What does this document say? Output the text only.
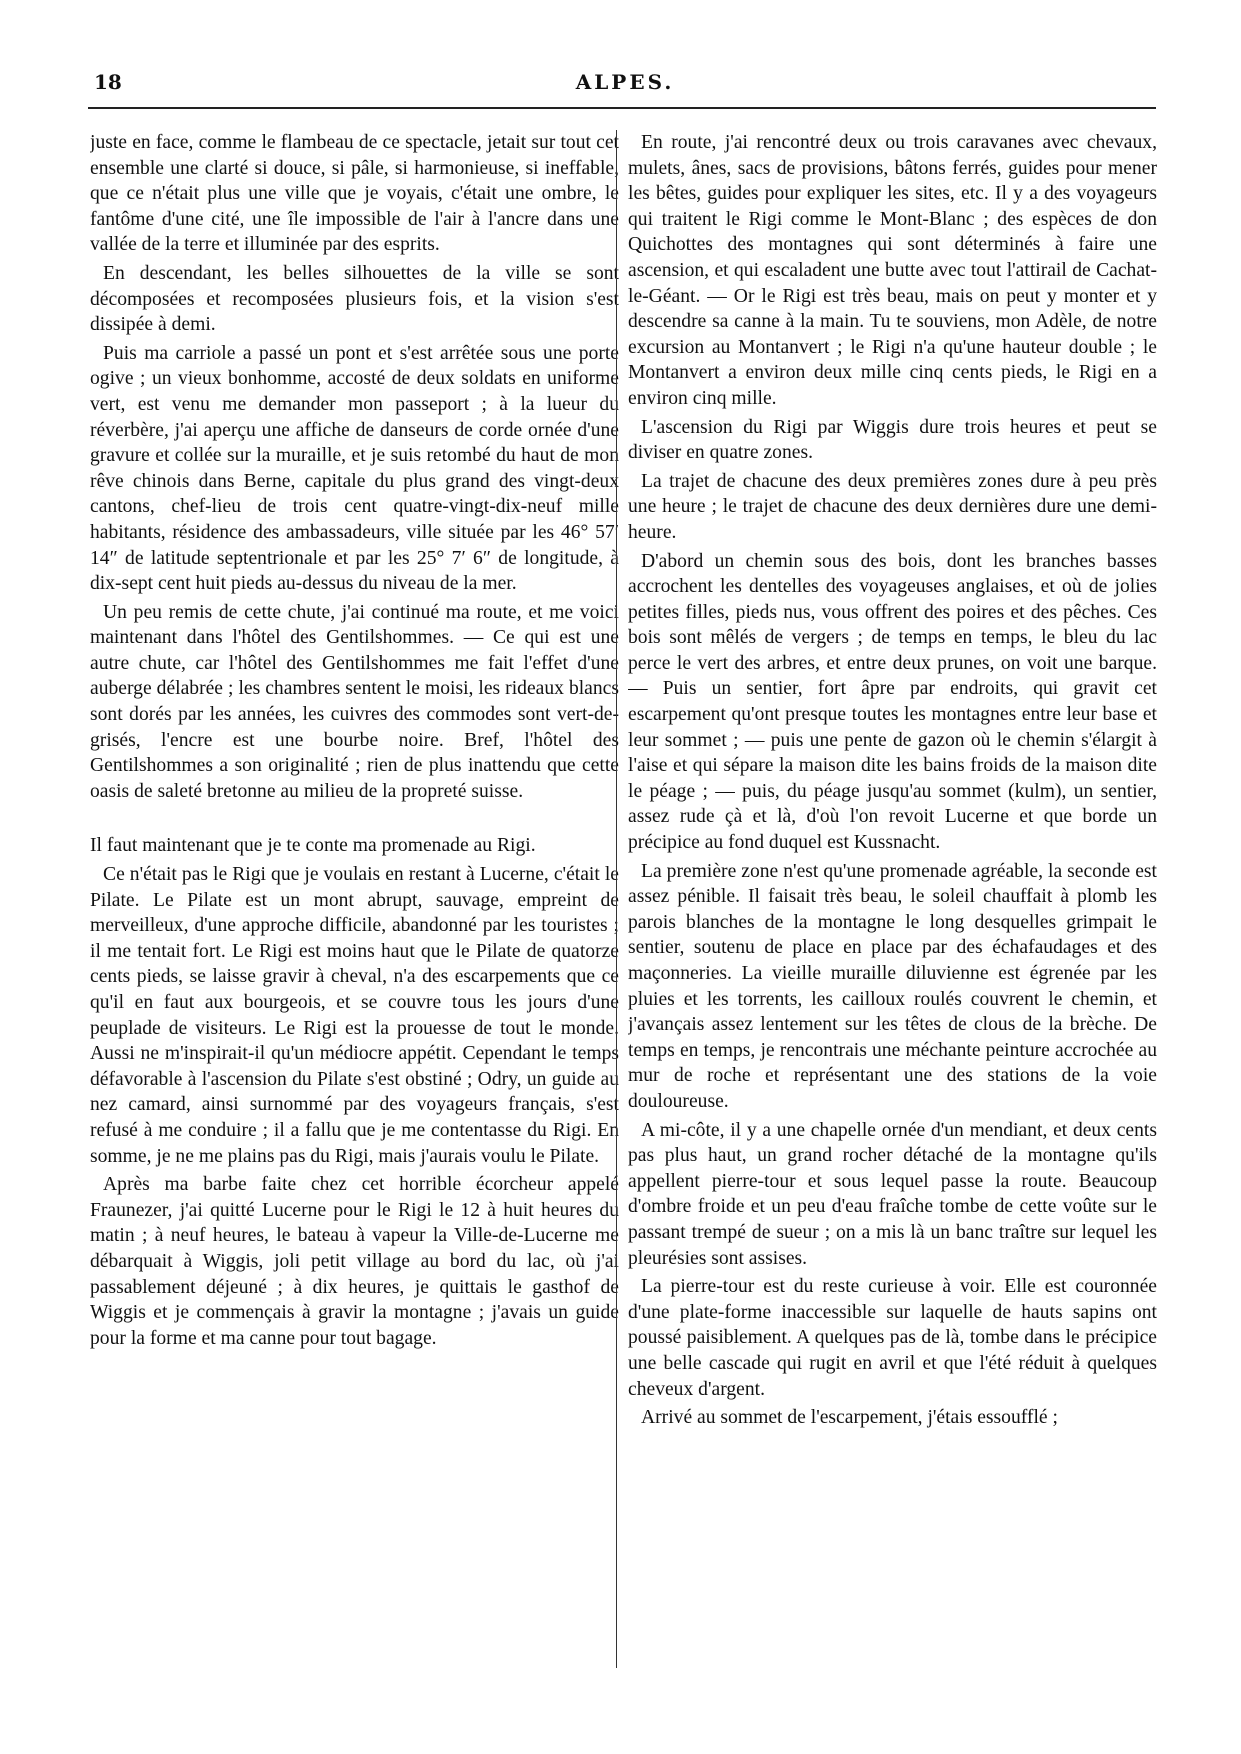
18	ALPES.

juste en face, comme le flambeau de ce spectacle, jetait sur tout cet ensemble une clarté si douce, si pâle, si harmonieuse, si ineffable, que ce n'était plus une ville que je voyais, c'était une ombre, le fantôme d'une cité, une île impossible de l'air à l'ancre dans une vallée de la terre et illuminée par des esprits.

En descendant, les belles silhouettes de la ville se sont décomposées et recomposées plusieurs fois, et la vision s'est dissipée à demi.

Puis ma carriole a passé un pont et s'est arrêtée sous une porte ogive ; un vieux bonhomme, accosté de deux soldats en uniforme vert, est venu me demander mon passeport ; à la lueur du réverbère, j'ai aperçu une affiche de danseurs de corde ornée d'une gravure et collée sur la muraille, et je suis retombé du haut de mon rêve chinois dans Berne, capitale du plus grand des vingt-deux cantons, chef-lieu de trois cent quatre-vingt-dix-neuf mille habitants, résidence des ambassadeurs, ville située par les 46° 57′ 14″ de latitude septentrionale et par les 25° 7′ 6″ de longitude, à dix-sept cent huit pieds au-dessus du niveau de la mer.

Un peu remis de cette chute, j'ai continué ma route, et me voici maintenant dans l'hôtel des Gentilshommes. — Ce qui est une autre chute, car l'hôtel des Gentilshommes me fait l'effet d'une auberge délabrée ; les chambres sentent le moisi, les rideaux blancs sont dorés par les années, les cuivres des commodes sont vert-de-grisés, l'encre est une bourbe noire. Bref, l'hôtel des Gentilshommes a son originalité ; rien de plus inattendu que cette oasis de saleté bretonne au milieu de la propreté suisse.

Il faut maintenant que je te conte ma promenade au Rigi.

Ce n'était pas le Rigi que je voulais en restant à Lucerne, c'était le Pilate. Le Pilate est un mont abrupt, sauvage, empreint de merveilleux, d'une approche difficile, abandonné par les touristes ; il me tentait fort. Le Rigi est moins haut que le Pilate de quatorze cents pieds, se laisse gravir à cheval, n'a des escarpements que ce qu'il en faut aux bourgeois, et se couvre tous les jours d'une peuplade de visiteurs. Le Rigi est la prouesse de tout le monde. Aussi ne m'inspirait-il qu'un médiocre appétit. Cependant le temps défavorable à l'ascension du Pilate s'est obstiné ; Odry, un guide au nez camard, ainsi surnommé par des voyageurs français, s'est refusé à me conduire ; il a fallu que je me contentasse du Rigi. En somme, je ne me plains pas du Rigi, mais j'aurais voulu le Pilate.

Après ma barbe faite chez cet horrible écorcheur appelé Fraunezer, j'ai quitté Lucerne pour le Rigi le 12 à huit heures du matin ; à neuf heures, le bateau à vapeur la Ville-de-Lucerne me débarquait à Wiggis, joli petit village au bord du lac, où j'ai passablement déjeuné ; à dix heures, je quittais le gasthof de Wiggis et je commençais à gravir la montagne ; j'avais un guide pour la forme et ma canne pour tout bagage.

En route, j'ai rencontré deux ou trois caravanes avec chevaux, mulets, ânes, sacs de provisions, bâtons ferrés, guides pour mener les bêtes, guides pour expliquer les sites, etc. Il y a des voyageurs qui traitent le Rigi comme le Mont-Blanc ; des espèces de don Quichottes des montagnes qui sont déterminés à faire une ascension, et qui escaladent une butte avec tout l'attirail de Cachat-le-Géant. — Or le Rigi est très beau, mais on peut y monter et y descendre sa canne à la main. Tu te souviens, mon Adèle, de notre excursion au Montanvert ; le Rigi n'a qu'une hauteur double ; le Montanvert a environ deux mille cinq cents pieds, le Rigi en a environ cinq mille.

L'ascension du Rigi par Wiggis dure trois heures et peut se diviser en quatre zones.

La trajet de chacune des deux premières zones dure à peu près une heure ; le trajet de chacune des deux dernières dure une demi-heure.

D'abord un chemin sous des bois, dont les branches basses accrochent les dentelles des voyageuses anglaises, et où de jolies petites filles, pieds nus, vous offrent des poires et des pêches. Ces bois sont mêlés de vergers ; de temps en temps, le bleu du lac perce le vert des arbres, et entre deux prunes, on voit une barque. — Puis un sentier, fort âpre par endroits, qui gravit cet escarpement qu'ont presque toutes les montagnes entre leur base et leur sommet ; — puis une pente de gazon où le chemin s'élargit à l'aise et qui sépare la maison dite les bains froids de la maison dite le péage ; — puis, du péage jusqu'au sommet (kulm), un sentier, assez rude çà et là, d'où l'on revoit Lucerne et que borde un précipice au fond duquel est Kussnacht.

La première zone n'est qu'une promenade agréable, la seconde est assez pénible. Il faisait très beau, le soleil chauffait à plomb les parois blanches de la montagne le long desquelles grimpait le sentier, soutenu de place en place par des échafaudages et des maçonneries. La vieille muraille diluvienne est égrenée par les pluies et les torrents, les cailloux roulés couvrent le chemin, et j'avançais assez lentement sur les têtes de clous de la brèche. De temps en temps, je rencontrais une méchante peinture accrochée au mur de roche et représentant une des stations de la voie douloureuse.

A mi-côte, il y a une chapelle ornée d'un mendiant, et deux cents pas plus haut, un grand rocher détaché de la montagne qu'ils appellent pierre-tour et sous lequel passe la route. Beaucoup d'ombre froide et un peu d'eau fraîche tombe de cette voûte sur le passant trempé de sueur ; on a mis là un banc traître sur lequel les pleurésies sont assises.

La pierre-tour est du reste curieuse à voir. Elle est couronnée d'une plate-forme inaccessible sur laquelle de hauts sapins ont poussé paisiblement. A quelques pas de là, tombe dans le précipice une belle cascade qui rugit en avril et que l'été réduit à quelques cheveux d'argent.

Arrivé au sommet de l'escarpement, j'étais essoufflé ;
